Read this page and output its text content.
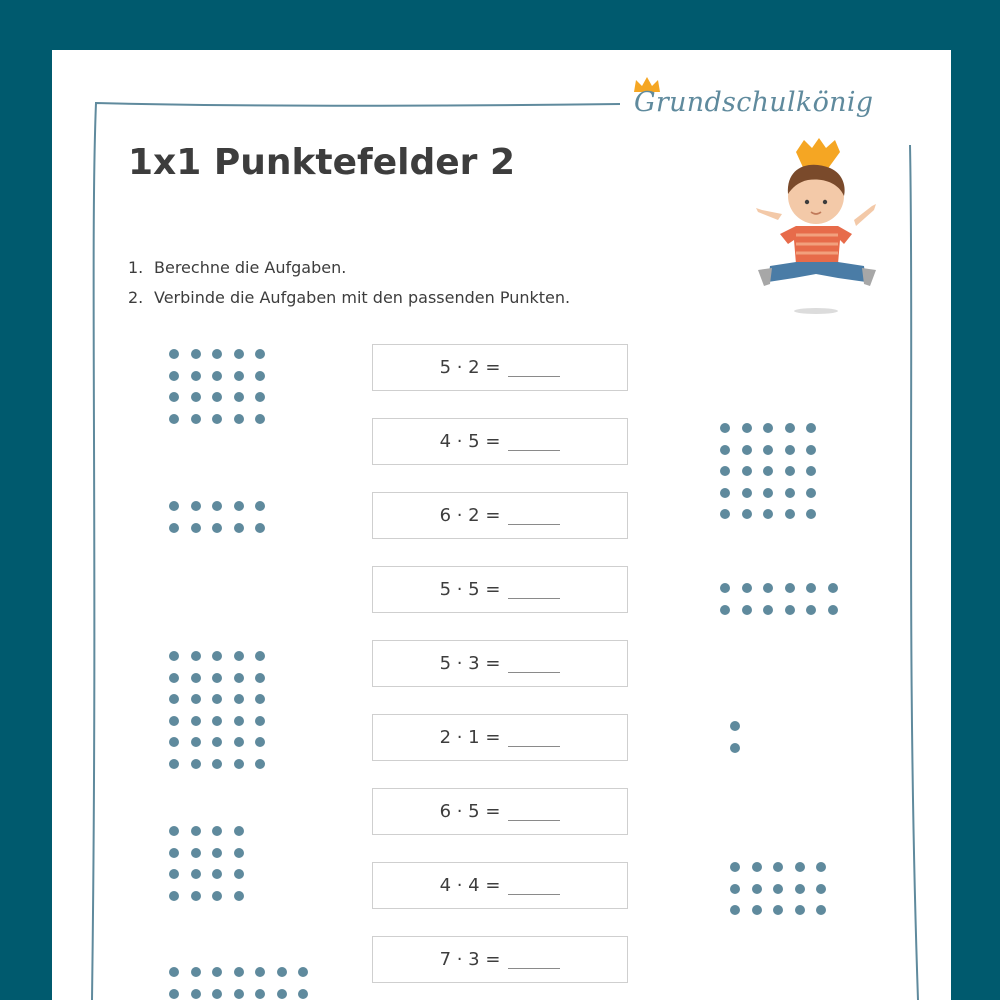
Grundschulkönig
1x1 Punktefelder 2
1. Berechne die Aufgaben.
2. Verbinde die Aufgaben mit den passenden Punkten.
5 · 2 =
4 · 5 =
6 · 2 =
5 · 5 =
5 · 3 =
2 · 1 =
6 · 5 =
4 · 4 =
7 · 3 =
